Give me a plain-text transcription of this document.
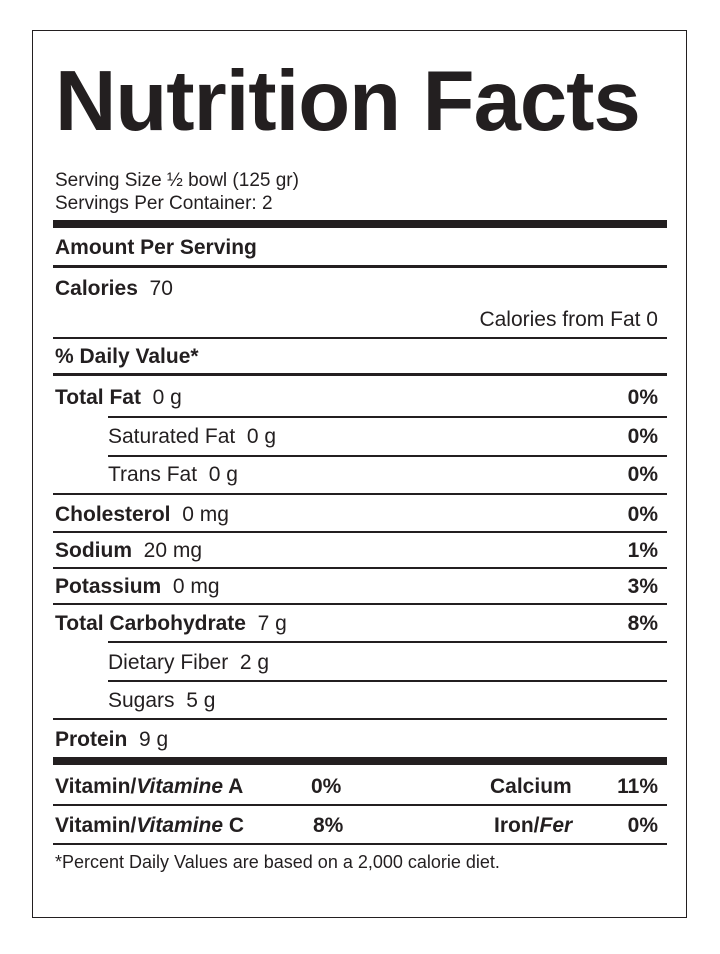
Nutrition Facts
Serving Size ½ bowl (125 gr)
Servings Per Container: 2
Amount Per Serving
Calories 70
Calories from Fat 0
% Daily Value*
Total Fat 0 g	0%
Saturated Fat 0 g	0%
Trans Fat 0 g	0%
Cholesterol 0 mg	0%
Sodium 20 mg	1%
Potassium 0 mg	3%
Total Carbohydrate 7 g	8%
Dietary Fiber 2 g
Sugars 5 g
Protein 9 g
Vitamin/Vitamine A	0%	Calcium 11%
Vitamin/Vitamine C	8%	Iron/Fer	0%
*Percent Daily Values are based on a 2,000 calorie diet.
